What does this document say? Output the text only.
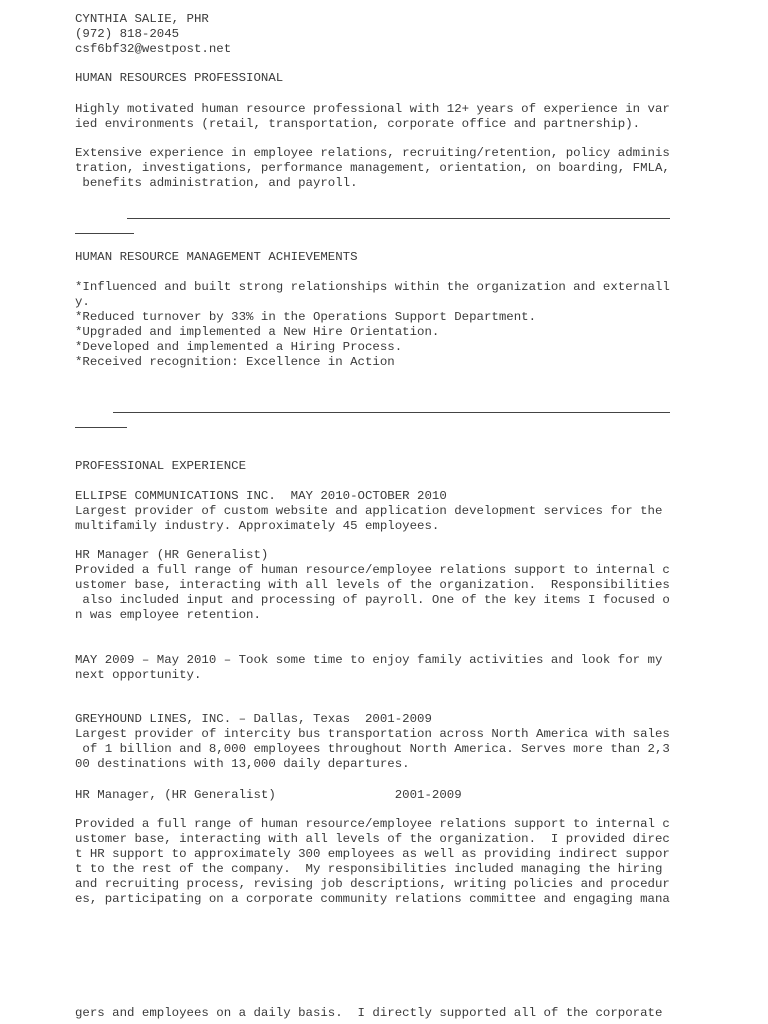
CYNTHIA SALIE, PHR
(972) 818-2045
csf6bf32@westpost.net
HUMAN RESOURCES PROFESSIONAL
Highly motivated human resource professional with 12+ years of experience in var
ied environments (retail, transportation, corporate office and partnership).
Extensive experience in employee relations, recruiting/retention, policy adminis
tration, investigations, performance management, orientation, on boarding, FMLA,
benefits administration, and payroll.
HUMAN RESOURCE MANAGEMENT ACHIEVEMENTS
*Influenced and built strong relationships within the organization and externall
y.
*Reduced turnover by 33% in the Operations Support Department.
*Upgraded and implemented a New Hire Orientation.
*Developed and implemented a Hiring Process.
*Received recognition: Excellence in Action
PROFESSIONAL EXPERIENCE
ELLIPSE COMMUNICATIONS INC.  MAY 2010-OCTOBER 2010
Largest provider of custom website and application development services for the
multifamily industry. Approximately 45 employees.
HR Manager (HR Generalist)
Provided a full range of human resource/employee relations support to internal c
ustomer base, interacting with all levels of the organization.  Responsibilities
also included input and processing of payroll. One of the key items I focused o
n was employee retention.
MAY 2009 – May 2010 – Took some time to enjoy family activities and look for my
next opportunity.
GREYHOUND LINES, INC. – Dallas, Texas  2001-2009
Largest provider of intercity bus transportation across North America with sales
of 1 billion and 8,000 employees throughout North America. Serves more than 2,3
00 destinations with 13,000 daily departures.
HR Manager, (HR Generalist)                2001-2009
Provided a full range of human resource/employee relations support to internal c
ustomer base, interacting with all levels of the organization.  I provided direc
t HR support to approximately 300 employees as well as providing indirect suppor
t to the rest of the company.  My responsibilities included managing the hiring
and recruiting process, revising job descriptions, writing policies and procedur
es, participating on a corporate community relations committee and engaging mana
gers and employees on a daily basis.  I directly supported all of the corporate
